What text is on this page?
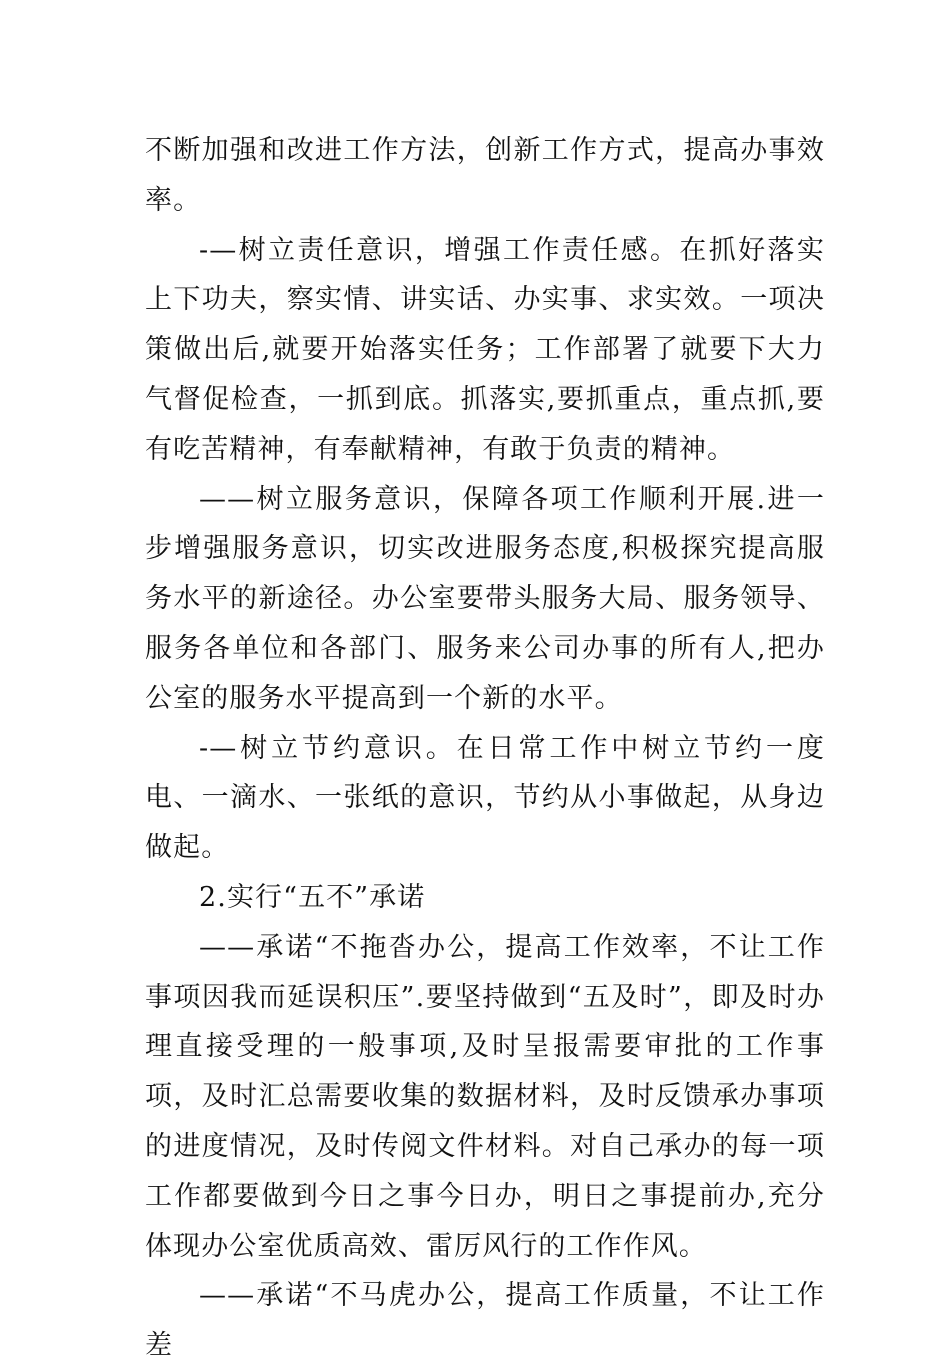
不断加强和改进工作方法，创新工作方式，提高办事效率。

-—树立责任意识，增强工作责任感。在抓好落实上下功夫，察实情、讲实话、办实事、求实效。一项决策做出后,就要开始落实任务；工作部署了就要下大力气督促检查，一抓到底。抓落实,要抓重点，重点抓,要有吃苦精神，有奉献精神，有敢于负责的精神。

——树立服务意识，保障各项工作顺利开展.进一步增强服务意识，切实改进服务态度,积极探究提高服务水平的新途径。办公室要带头服务大局、服务领导、服务各单位和各部门、服务来公司办事的所有人,把办公室的服务水平提高到一个新的水平。

-—树立节约意识。在日常工作中树立节约一度电、一滴水、一张纸的意识，节约从小事做起，从身边做起。

2.实行“五不”承诺

——承诺“不拖沓办公，提高工作效率，不让工作事项因我而延误积压”.要坚持做到“五及时”，即及时办理直接受理的一般事项,及时呈报需要审批的工作事项，及时汇总需要收集的数据材料，及时反馈承办事项的进度情况，及时传阅文件材料。对自己承办的每一项工作都要做到今日之事今日办，明日之事提前办,充分体现办公室优质高效、雷厉风行的工作作风。

——承诺“不马虎办公，提高工作质量，不让工作差
